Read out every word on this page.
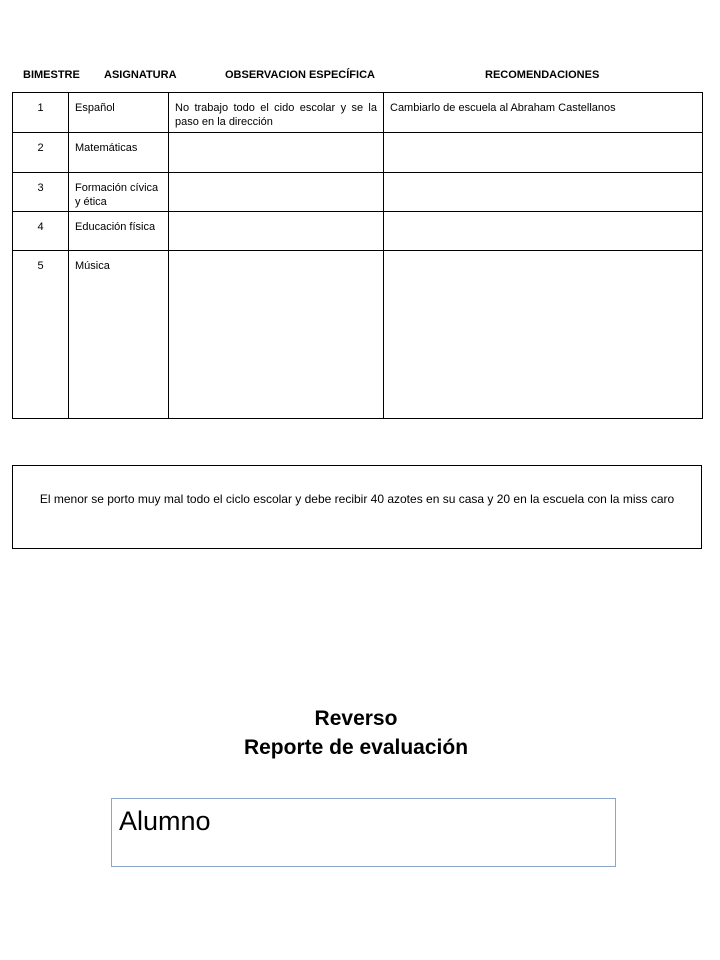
BIMESTRE ASIGNATURA	OBSERVACION ESPECÍFICA	RECOMENDACIONES
1	Español	No trabajo todo el cido escolar y se la paso en la dirección	Cambiarlo de escuela al Abraham Castellanos
2	Matemáticas		
3	Formación cívica y ética		
4	Educación física		
5	Música		
El menor se porto muy mal todo el ciclo escolar y debe recibir 40 azotes en su casa y 20 en la escuela con la miss caro
Reverso
Reporte de evaluación
Alumno
